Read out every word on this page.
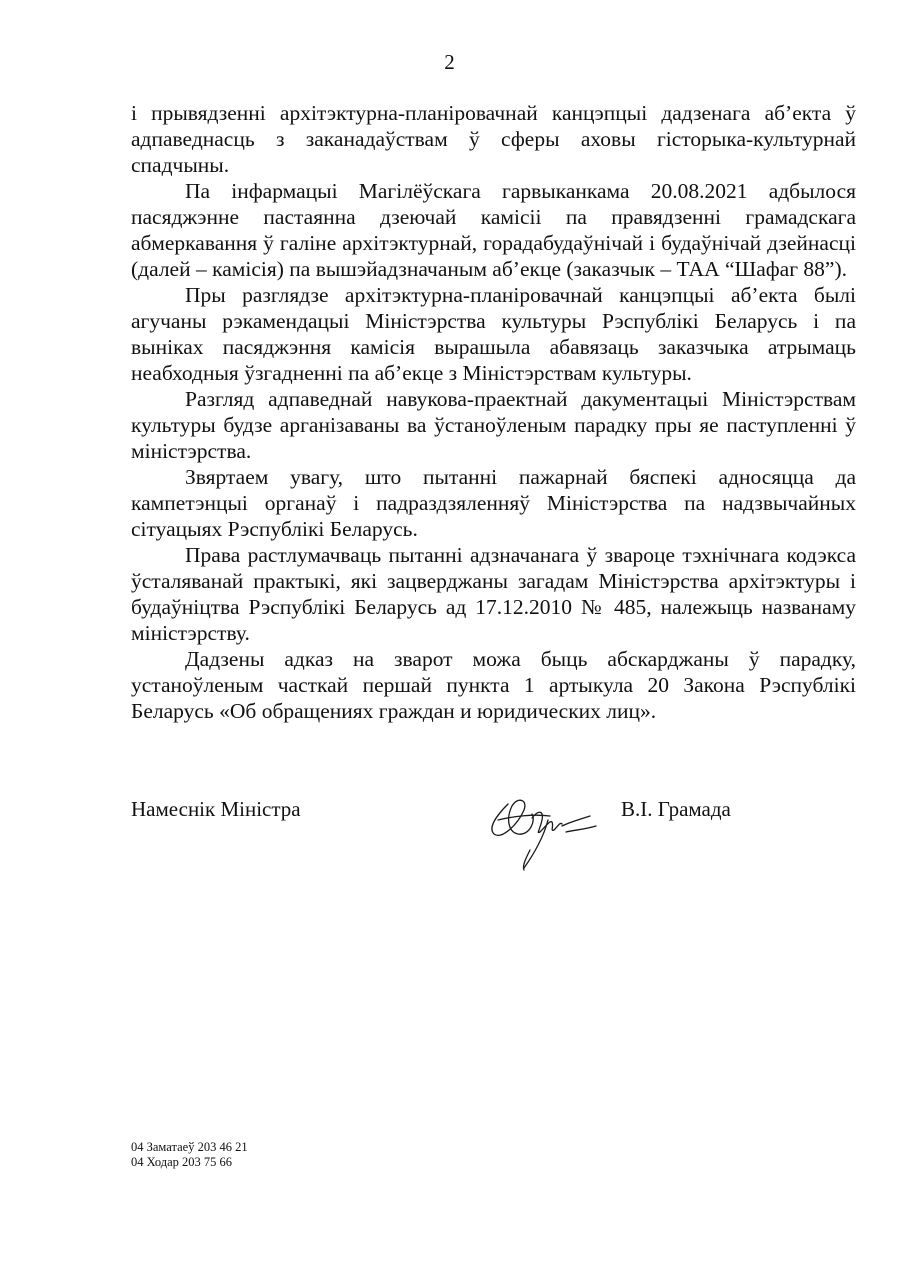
2

і прывядзенні архітэктурна-планіровачнай канцэпцыі дадзенага аб’екта ў адпаведнасць з заканадаўствам ў сферы аховы гісторыка-культурнай спадчыны.

Па інфармацыі Магілёўскага гарвыканкама 20.08.2021 адбылося пасяджэнне пастаянна дзеючай камісіі па правядзенні грамадскага абмеркавання ў галіне архітэктурнай, горадабудаўнічай і будаўнічай дзейнасці (далей – камісія) па вышэйадзначаным аб’екце (заказчык – ТАА “Шафаг 88”).

Пры разглядзе архітэктурна-планіровачнай канцэпцыі аб’екта былі агучаны рэкамендацыі Міністэрства культуры Рэспублікі Беларусь і па выніках пасяджэння камісія вырашыла абавязаць заказчыка атрымаць неабходныя ўзгадненні па аб’екце з Міністэрствам культуры.

Разгляд адпаведнай навукова-праектнай дакументацыі Міністэрствам культуры будзе арганізаваны ва ўстаноўленым парадку пры яе паступленні ў міністэрства.

Звяртаем увагу, што пытанні пажарнай бяспекі адносяцца да кампетэнцыі органаў і падраздзяленняў Міністэрства па надзвычайных сітуацыях Рэспублікі Беларусь.

Права растлумачваць пытанні адзначанага ў звароце тэхнічнага кодэкса ўсталяванай практыкі, які зацверджаны загадам Міністэрства архітэктуры і будаўніцтва Рэспублікі Беларусь ад 17.12.2010 № 485, належыць названаму міністэрству.

Дадзены адказ на зварот можа быць абскарджаны ў парадку, устаноўленым часткай першай пункта 1 артыкула 20 Закона Рэспублікі Беларусь «Об обращениях граждан и юридических лиц».

Намеснік Міністра	В.І. Грамада
04 Заматаеў 203 46 21
04 Ходар 203 75 66
